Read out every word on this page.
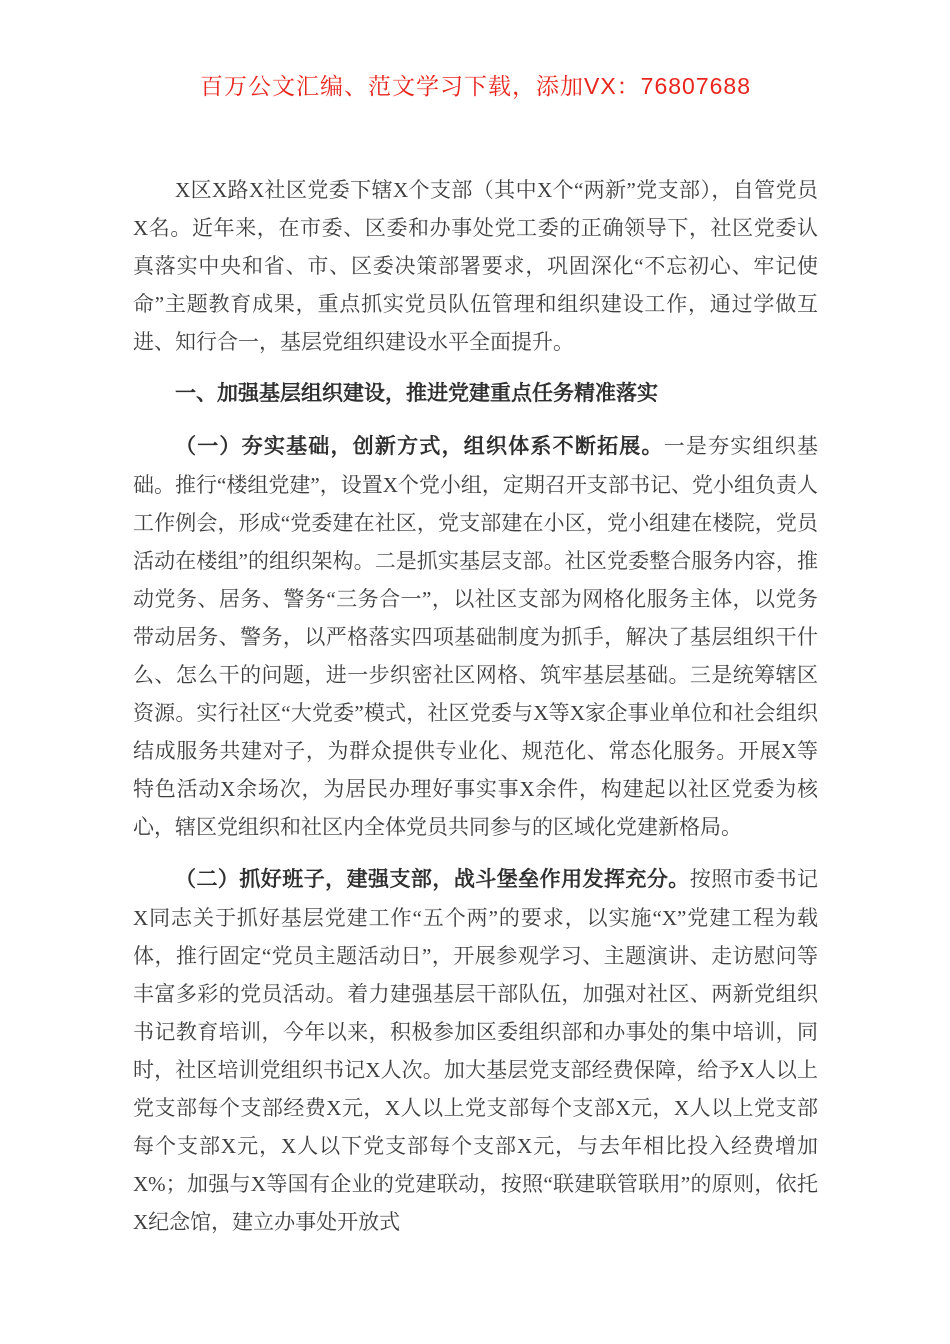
百万公文汇编、范文学习下载，添加VX：76807688

X区X路X社区党委下辖X个支部（其中X个“两新”党支部），自管党员X名。近年来，在市委、区委和办事处党工委的正确领导下，社区党委认真落实中央和省、市、区委决策部署要求，巩固深化“不忘初心、牢记使命”主题教育成果，重点抓实党员队伍管理和组织建设工作，通过学做互进、知行合一，基层党组织建设水平全面提升。

一、加强基层组织建设，推进党建重点任务精准落实

（一）夯实基础，创新方式，组织体系不断拓展。一是夯实组织基础。推行“楼组党建”，设置X个党小组，定期召开支部书记、党小组负责人工作例会，形成“党委建在社区，党支部建在小区，党小组建在楼院，党员活动在楼组”的组织架构。二是抓实基层支部。社区党委整合服务内容，推动党务、居务、警务“三务合一”，以社区支部为网格化服务主体，以党务带动居务、警务，以严格落实四项基础制度为抓手，解决了基层组织干什么、怎么干的问题，进一步织密社区网格、筑牢基层基础。三是统筹辖区资源。实行社区“大党委”模式，社区党委与X等X家企事业单位和社会组织结成服务共建对子，为群众提供专业化、规范化、常态化服务。开展X等特色活动X余场次，为居民办理好事实事X余件，构建起以社区党委为核心，辖区党组织和社区内全体党员共同参与的区域化党建新格局。

（二）抓好班子，建强支部，战斗堡垒作用发挥充分。按照市委书记X同志关于抓好基层党建工作“五个两”的要求，以实施“X”党建工程为载体，推行固定“党员主题活动日”，开展参观学习、主题演讲、走访慰问等丰富多彩的党员活动。着力建强基层干部队伍，加强对社区、两新党组织书记教育培训，今年以来，积极参加区委组织部和办事处的集中培训，同时，社区培训党组织书记X人次。加大基层党支部经费保障，给予X人以上党支部每个支部经费X元，X人以上党支部每个支部X元，X人以上党支部每个支部X元，X人以下党支部每个支部X元，与去年相比投入经费增加X%；加强与X等国有企业的党建联动，按照“联建联管联用”的原则，依托X纪念馆，建立办事处开放式
